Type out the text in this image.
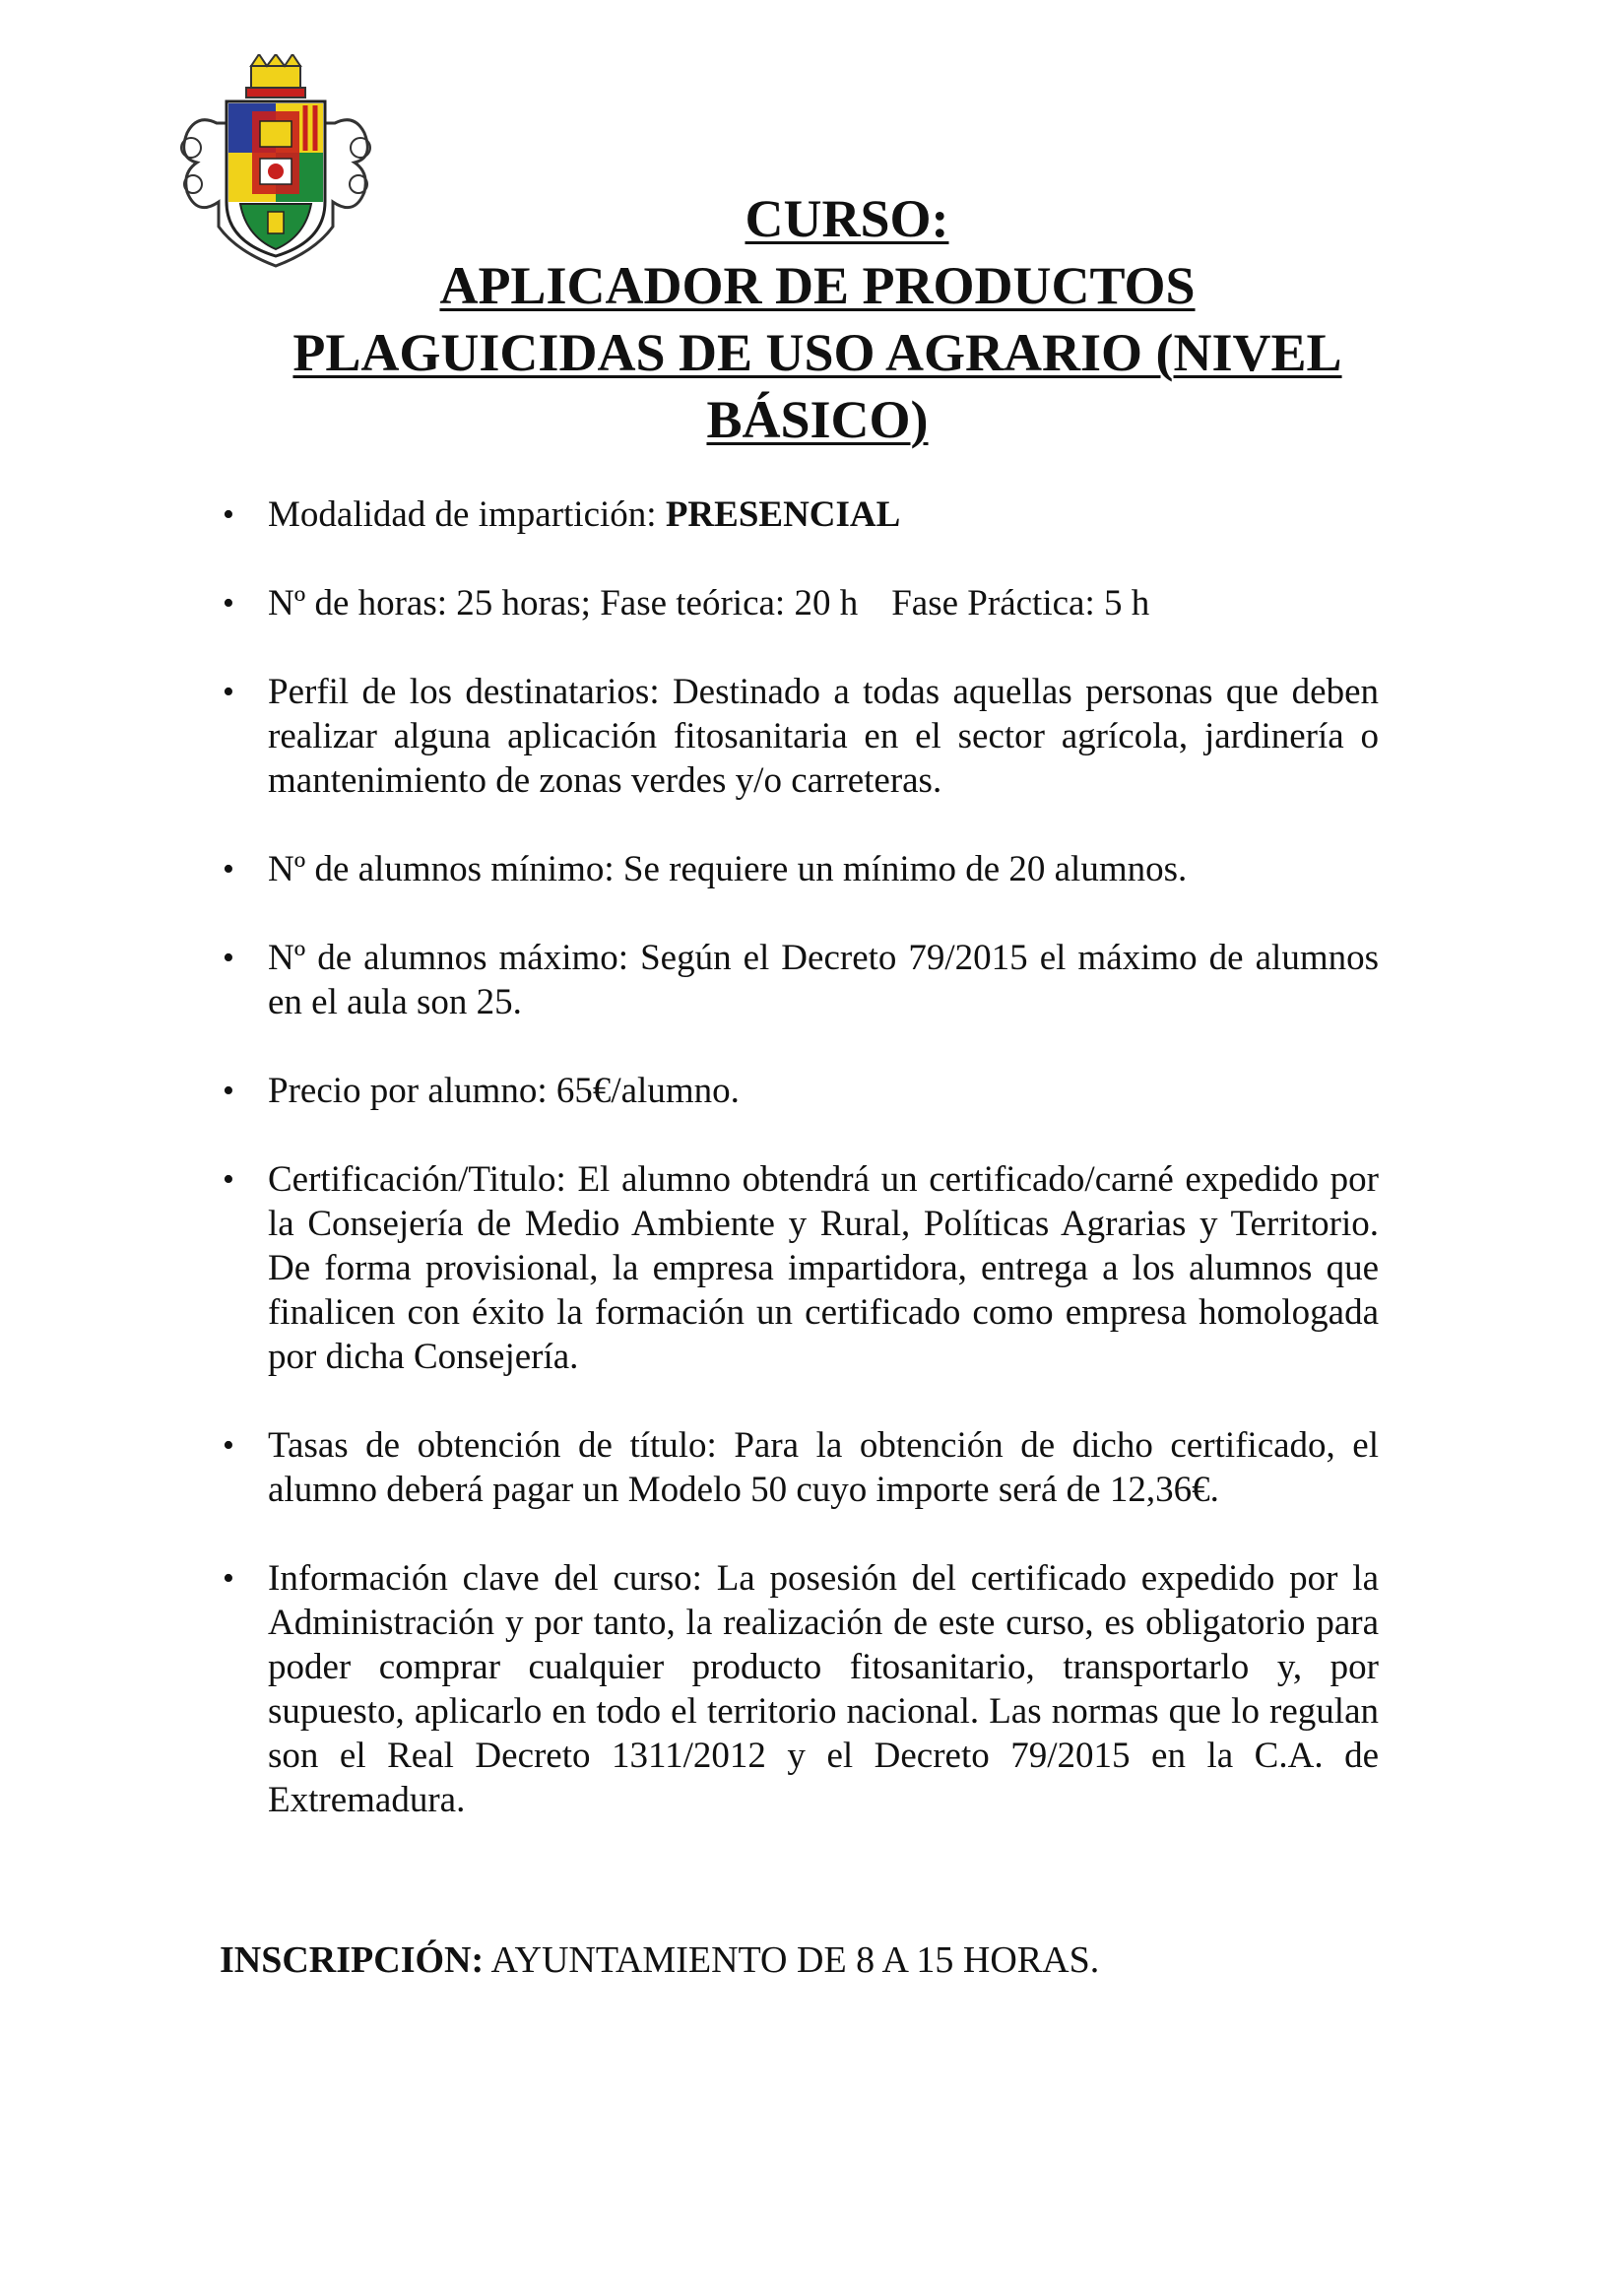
CURSO:
APLICADOR DE PRODUCTOS
PLAGUICIDAS DE USO AGRARIO (NIVEL
BÁSICO)
• Modalidad de impartición: PRESENCIAL
• Nº de horas: 25 horas; Fase teórica: 20 h Fase Práctica: 5 h
• Perfil de los destinatarios: Destinado a todas aquellas personas que deben realizar alguna aplicación fitosanitaria en el sector agrícola, jardinería o mantenimiento de zonas verdes y/o carreteras.
• Nº de alumnos mínimo: Se requiere un mínimo de 20 alumnos.
• Nº de alumnos máximo: Según el Decreto 79/2015 el máximo de alumnos en el aula son 25.
• Precio por alumno: 65€/alumno.
• Certificación/Titulo: El alumno obtendrá un certificado/carné expedido por la Consejería de Medio Ambiente y Rural, Políticas Agrarias y Territorio. De forma provisional, la empresa impartidora, entrega a los alumnos que finalicen con éxito la formación un certificado como empresa homologada por dicha Consejería.
• Tasas de obtención de título: Para la obtención de dicho certificado, el alumno deberá pagar un Modelo 50 cuyo importe será de 12,36€.
• Información clave del curso: La posesión del certificado expedido por la Administración y por tanto, la realización de este curso, es obligatorio para poder comprar cualquier producto fitosanitario, transportarlo y, por supuesto, aplicarlo en todo el territorio nacional. Las normas que lo regulan son el Real Decreto 1311/2012 y el Decreto 79/2015 en la C.A. de Extremadura.
INSCRIPCIÓN: AYUNTAMIENTO DE 8 A 15 HORAS.
